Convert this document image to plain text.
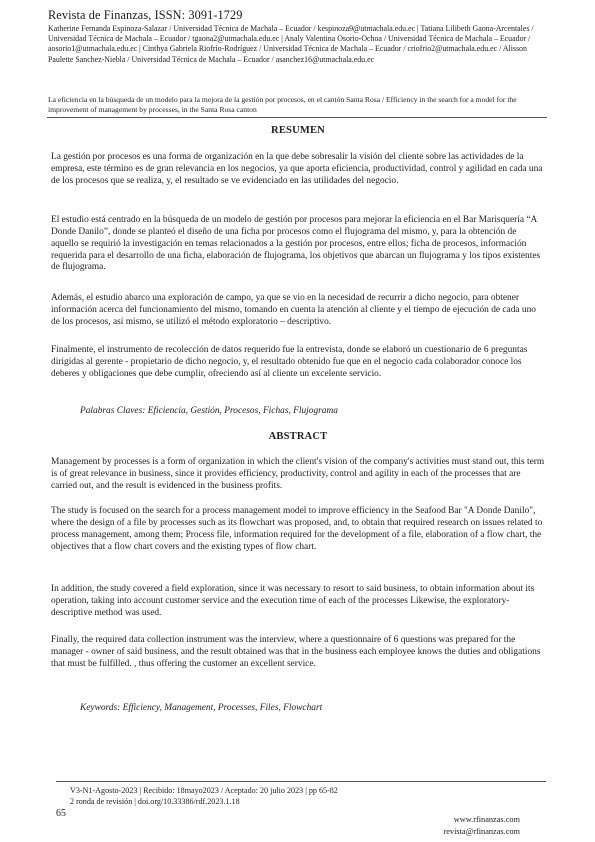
Revista de Finanzas, ISSN: 3091-1729
Katherine Fernanda Espinoza-Salazar / Universidad Técnica de Machala – Ecuador / kespinoza9@utmachala.edu.ec | Tatiana Lilibeth Gaona-Arcentales / Universidad Técnica de Machala – Ecuador / tgaona2@utmachala.edu.ec | Analy Valentina Osorio-Ochoa / Universidad Técnica de Machala – Ecuador / aosorio1@utmachala.edu.ec | Cinthya Gabriela Riofrío-Rodríguez / Universidad Técnica de Machala – Ecuador / criofrio2@utmachala.edu.ec / Alisson Paulette Sanchez-Niebla / Universidad Técnica de Machala – Ecuador / asanchez16@utmachala.edu.ec
La eficiencia en la búsqueda de un modelo para la mejora de la gestión por procesos, en el cantón Santa Rosa / Efficiency in the search for a model for the improvement of management by processes, in the Santa Rosa canton
RESUMEN
La gestión por procesos es una forma de organización en la que debe sobresalir la visión del cliente sobre las actividades de la empresa, este término es de gran relevancia en los negocios, ya que aporta eficiencia, productividad, control y agilidad en cada una de los procesos que se realiza, y, el resultado se ve evidenciado en las utilidades del negocio.
El estudio está centrado en la búsqueda de un modelo de gestión por procesos para mejorar la eficiencia en el Bar Marisquería “A Donde Danilo”, donde se planteó el diseño de una ficha por procesos como el flujograma del mismo, y, para la obtención de aquello se requirió la investigación en temas relacionados a la gestión por procesos, entre ellos; ficha de procesos, información requerida para el desarrollo de una ficha, elaboración de flujograma, los objetivos que abarcan un flujograma y los tipos existentes de flujograma.
Además, el estudio abarco una exploración de campo, ya que se vio en la necesidad de recurrir a dicho negocio, para obtener información acerca del funcionamiento del mismo, tomando en cuenta la atención al cliente y el tiempo de ejecución de cada uno de los procesos, así mismo, se utilizó el método exploratorio – descriptivo.
Finalmente, el instrumento de recolección de datos requerido fue la entrevista, donde se elaboró un cuestionario de 6 preguntas dirigidas al gerente - propietario de dicho negocio, y, el resultado obtenido fue que en el negocio cada colaborador conoce los deberes y obligaciones que debe cumplir, ofreciendo así al cliente un excelente servicio.
Palabras Claves: Eficiencia, Gestión, Procesos, Fichas, Flujograma
ABSTRACT
Management by processes is a form of organization in which the client's vision of the company's activities must stand out, this term is of great relevance in business, since it provides efficiency, productivity, control and agility in each of the processes that are carried out, and the result is evidenced in the business profits.
The study is focused on the search for a process management model to improve efficiency in the Seafood Bar "A Donde Danilo", where the design of a file by processes such as its flowchart was proposed, and, to obtain that required research on issues related to process management, among them; Process file, information required for the development of a file, elaboration of a flow chart, the objectives that a flow chart covers and the existing types of flow chart.
In addition, the study covered a field exploration, since it was necessary to resort to said business, to obtain information about its operation, taking into account customer service and the execution time of each of the processes Likewise, the exploratory-descriptive method was used.
Finally, the required data collection instrument was the interview, where a questionnaire of 6 questions was prepared for the manager - owner of said business, and the result obtained was that in the business each employee knows the duties and obligations that must be fulfilled. , thus offering the customer an excellent service.
Keywords: Efficiency, Management, Processes, Files, Flowchart
V3-N1-Agosto-2023 | Recibido: 18mayo2023 / Aceptado: 20 julio 2023 | pp 65-82
2 ronda de revisión | doi.org/10.33386/rdf.2023.1.18
65
www.rfinanzas.com
revista@rfinanzas.com
